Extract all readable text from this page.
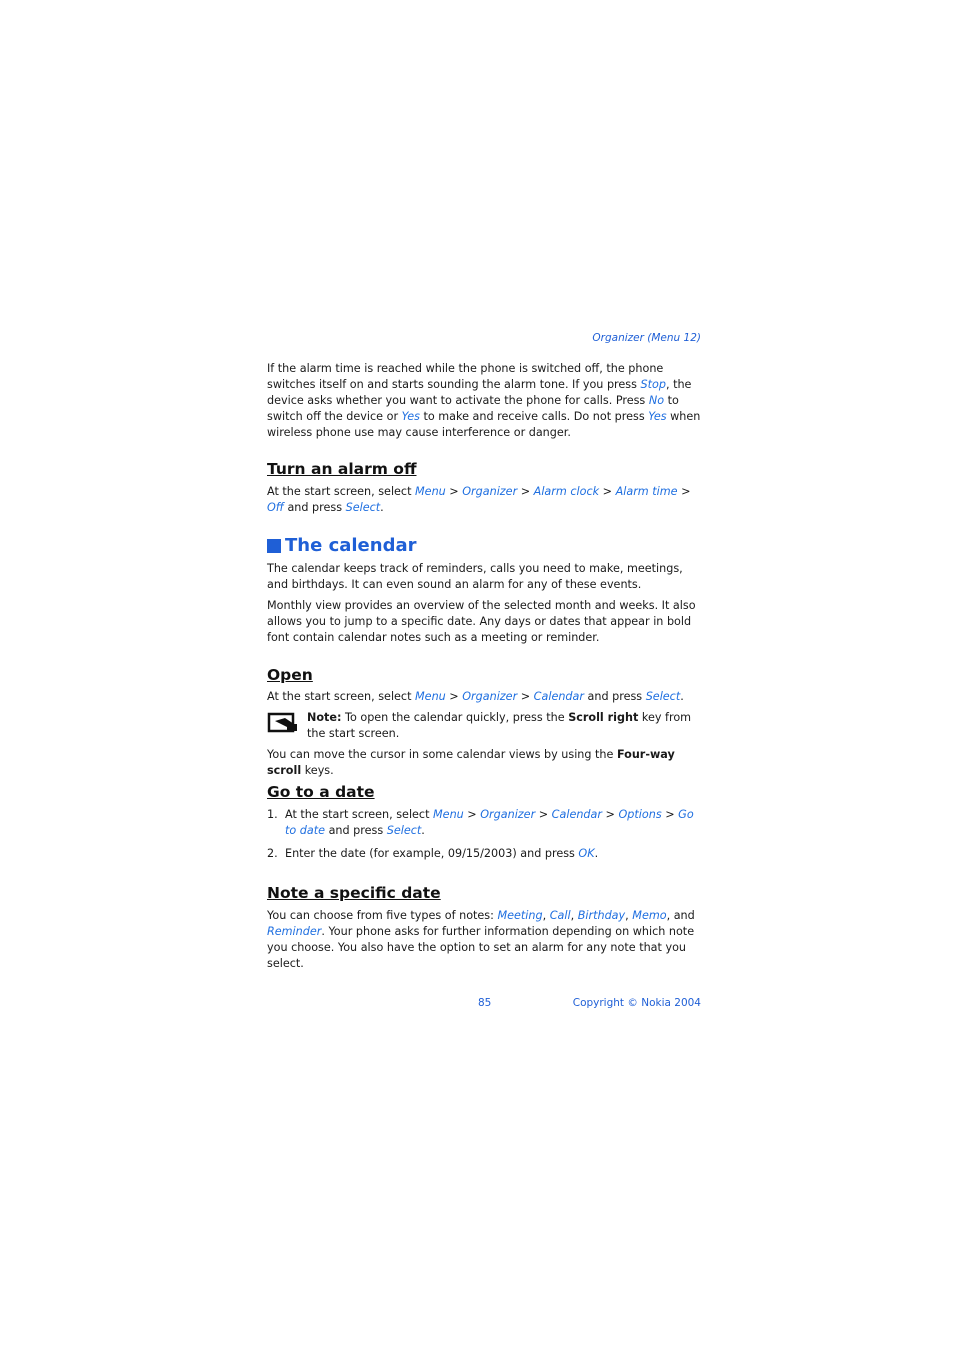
Organizer (Menu 12)

If the alarm time is reached while the phone is switched off, the phone switches itself on and starts sounding the alarm tone. If you press Stop, the device asks whether you want to activate the phone for calls. Press No to switch off the device or Yes to make and receive calls. Do not press Yes when wireless phone use may cause interference or danger.

Turn an alarm off

At the start screen, select Menu > Organizer > Alarm clock > Alarm time > Off and press Select.

The calendar

The calendar keeps track of reminders, calls you need to make, meetings, and birthdays. It can even sound an alarm for any of these events.

Monthly view provides an overview of the selected month and weeks. It also allows you to jump to a specific date. Any days or dates that appear in bold font contain calendar notes such as a meeting or reminder.

Open

At the start screen, select Menu > Organizer > Calendar and press Select.

Note: To open the calendar quickly, press the Scroll right key from the start screen.

You can move the cursor in some calendar views by using the Four-way scroll keys.

Go to a date
1. At the start screen, select Menu > Organizer > Calendar > Options > Go to date and press Select.
2. Enter the date (for example, 09/15/2003) and press OK.
Note a specific date

You can choose from five types of notes: Meeting, Call, Birthday, Memo, and Reminder. Your phone asks for further information depending on which note you choose. You also have the option to set an alarm for any note that you select.

85	Copyright © Nokia 2004
